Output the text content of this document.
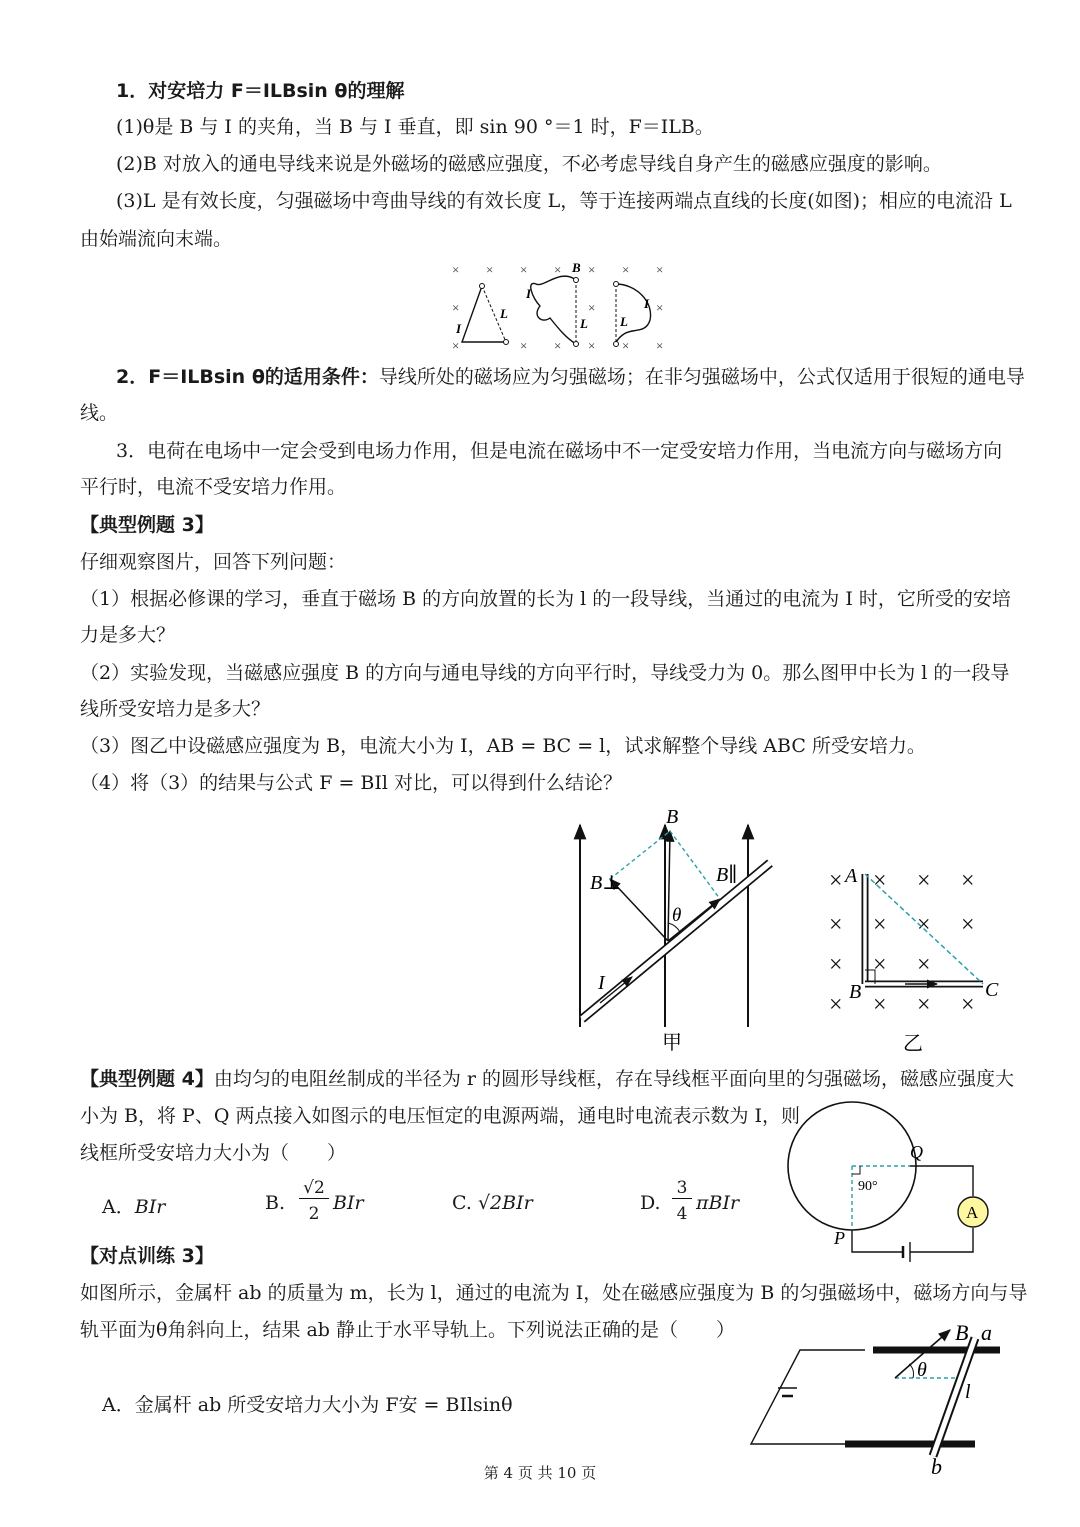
1．对安培力 F＝ILBsin θ的理解
(1)θ是 B 与 I 的夹角，当 B 与 I 垂直，即 sin 90 °＝1 时，F＝ILB。
(2)B 对放入的通电导线来说是外磁场的磁感应强度，不必考虑导线自身产生的磁感应强度的影响。
(3)L 是有效长度，匀强磁场中弯曲导线的有效长度 L，等于连接两端点直线的长度(如图)；相应的电流沿 L
由始端流向末端。
× × × × × × ×
×	×	×
×	× × × × ×
I
L
B
I
L
I
L
2．F＝ILBsin θ的适用条件：导线所处的磁场应为匀强磁场；在非匀强磁场中，公式仅适用于很短的通电导
线。
3．电荷在电场中一定会受到电场力作用，但是电流在磁场中不一定受安培力作用，当电流方向与磁场方向
平行时，电流不受安培力作用。
【典型例题 3】
仔细观察图片，回答下列问题：
（1）根据必修课的学习，垂直于磁场 B 的方向放置的长为 l 的一段导线，当通过的电流为 I 时，它所受的安培
力是多大？
（2）实验发现，当磁感应强度 B 的方向与通电导线的方向平行时，导线受力为 0。那么图甲中长为 l 的一段导
线所受安培力是多大？
（3）图乙中设磁感应强度为 B，电流大小为 I，AB = BC = l，试求解整个导线 ABC 所受安培力。
（4）将（3）的结果与公式 F = BIl 对比，可以得到什么结论？
B
B⊥	B∥
θ
I
甲
× × × ×
× × ×
×
× × ×
× × × ×
A
B	C
乙
【典型例题 4】由均匀的电阻丝制成的半径为 r 的圆形导线框，存在导线框平面向里的匀强磁场，磁感应强度大
小为 B，将 P、Q 两点接入如图示的电压恒定的电源两端，通电时电流表示数为 I，则
线框所受安培力大小为（　　）
A．BIr	B.
√2
2 BIr	C. √2BIr	D.
3
4 πBIr	A
Q
P
90°
【对点训练 3】
如图所示，金属杆 ab 的质量为 m，长为 l，通过的电流为 I，处在磁感应强度为 B 的匀强磁场中，磁场方向与导
轨平面为θ角斜向上，结果 ab 静止于水平导轨上。下列说法正确的是（　　）
A．金属杆 ab 所受安培力大小为 F安 = BIlsinθ
B a
b
θ
l
第 4 页 共 10 页
